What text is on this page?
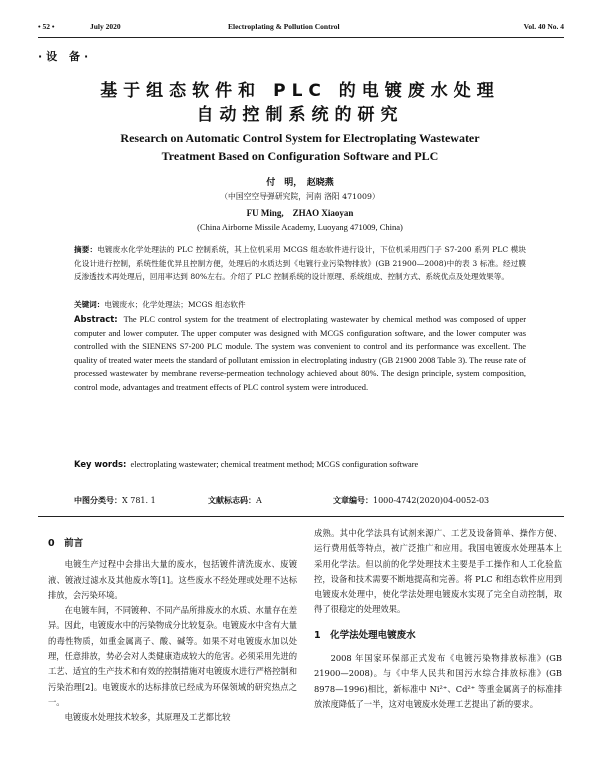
• 52 •	July 2020	Electroplating & Pollution Control	Vol. 40 No. 4
·设 备·
基于组态软件和 PLC 的电镀废水处理
自动控制系统的研究
Research on Automatic Control System for Electroplating Wastewater
Treatment Based on Configuration Software and PLC
付　明，　赵晓燕
（中国空空导弹研究院，河南 洛阳 471009）
FU Ming,　ZHAO Xiaoyan
(China Airborne Missile Academy, Luoyang 471009, China)
摘要：电镀废水化学处理法的 PLC 控制系统，其上位机采用 MCGS 组态软件进行设计，下位机采用西门子 S7-200 系列 PLC 模块化设计进行控制，系统性能优异且控制方便，处理后的水质达到《电镀行业污染物排放》(GB 21900—2008)中的表 3 标准。经过膜反渗透技术再处理后，回用率达到 80%左右。介绍了 PLC 控制系统的设计原理、系统组成、控制方式、系统优点及处理效果等。
关键词：电镀废水；化学处理法；MCGS 组态软件
Abstract: The PLC control system for the treatment of electroplating wastewater by chemical method was composed of upper computer and lower computer. The upper computer was designed with MCGS configuration software, and the lower computer was controlled with the SIENENS S7-200 PLC module. The system was convenient to control and its performance was excellent. The quality of treated water meets the standard of pollutant emission in electroplating industry (GB 21900 2008 Table 3). The reuse rate of processed wastewater by membrane reverse-permeation technology achieved about 80%. The design principle, system composition, control mode, advantages and treatment effects of PLC control system were introduced.
Key words: electroplating wastewater; chemical treatment method; MCGS configuration software
中图分类号：X 781. 1	文献标志码：A	文章编号：1000-4742(2020)04-0052-03

0　前言

电镀生产过程中会排出大量的废水，包括镀件清洗废水、废镀液、镀液过滤水及其他废水等[1]。这些废水不经处理或处理不达标排放，会污染环境。

在电镀车间，不同镀种、不同产品所排废水的水质、水量存在差异。因此，电镀废水中的污染物成分比较复杂。电镀废水中含有大量的毒性物质，如重金属离子、酸、碱等。如果不对电镀废水加以处理，任意排放，势必会对人类健康造成较大的危害。必须采用先进的工艺、适宜的生产技术和有效的控制措施对电镀废水进行严格控制和污染治理[2]。电镀废水的达标排放已经成为环保领域的研究热点之一。

电镀废水处理技术较多，其原理及工艺都比较

成熟。其中化学法具有试剂来源广、工艺及设备简单、操作方便、运行费用低等特点，被广泛推广和应用。我国电镀废水处理基本上采用化学法。但以前的化学处理技术主要是手工操作和人工化验监控，设备和技术需要不断地提高和完善。将 PLC 和组态软件应用到电镀废水处理中，使化学法处理电镀废水实现了完全自动控制，取得了很稳定的处理效果。

1　化学法处理电镀废水

2008 年国家环保部正式发布《电镀污染物排放标准》(GB 21900—2008)。与《中华人民共和国污水综合排放标准》(GB 8978—1996)相比，新标准中 Ni²⁺、Cd²⁺ 等重金属离子的标准排放浓度降低了一半，这对电镀废水处理工艺提出了新的要求。
